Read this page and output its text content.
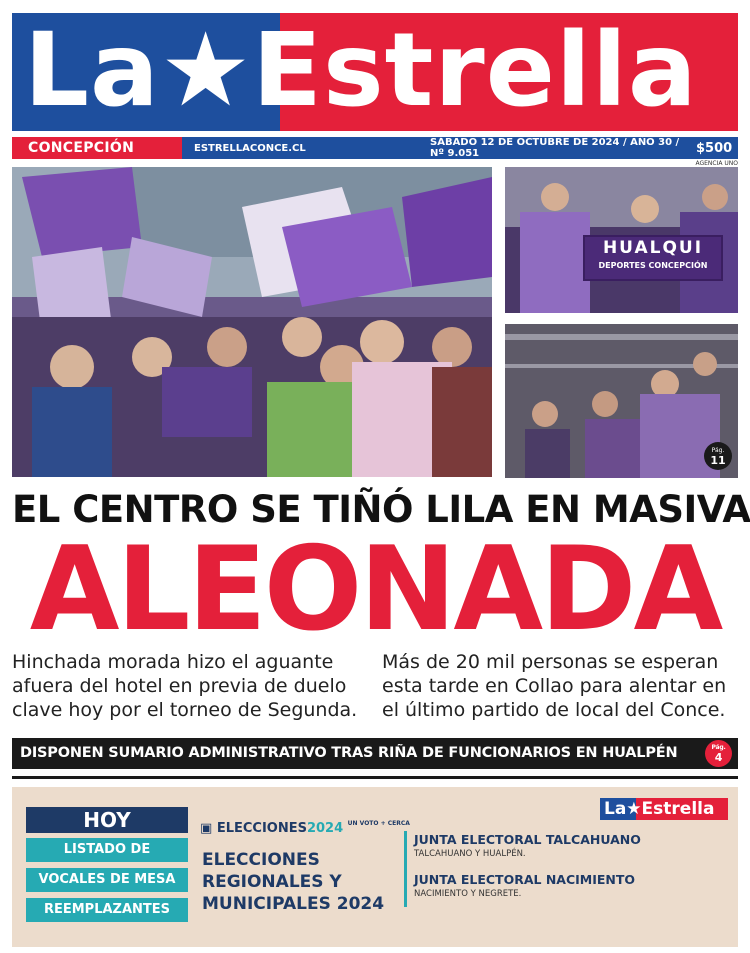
La★Estrella
CONCEPCIÓN	ESTRELLACONCE.CL	SÁBADO 12 DE OCTUBRE DE 2024 / AÑO 30 / Nº 9.051	$500
AGENCIA UNO
HUALQUI
DEPORTES CONCEPCIÓN
Pág.
11
EL CENTRO SE TIÑÓ LILA EN MASIVA
ALEONADA
Hinchada morada hizo el aguante afuera del hotel en previa de duelo clave hoy por el torneo de Segunda.
Más de 20 mil personas se esperan esta tarde en Collao para alentar en el último partido de local del Conce.
DISPONEN SUMARIO ADMINISTRATIVO TRAS RIÑA DE FUNCIONARIOS EN HUALPÉN	Pág.
4
HOY
LISTADO DE
VOCALES DE MESA
REEMPLAZANTES
▣ ELECCIONES2024 UN VOTO + CERCA
ELECCIONES REGIONALES Y MUNICIPALES 2024
JUNTA ELECTORAL TALCAHUANO
TALCAHUANO Y HUALPÉN.
JUNTA ELECTORAL NACIMIENTO
NACIMIENTO Y NEGRETE.
La★Estrella
